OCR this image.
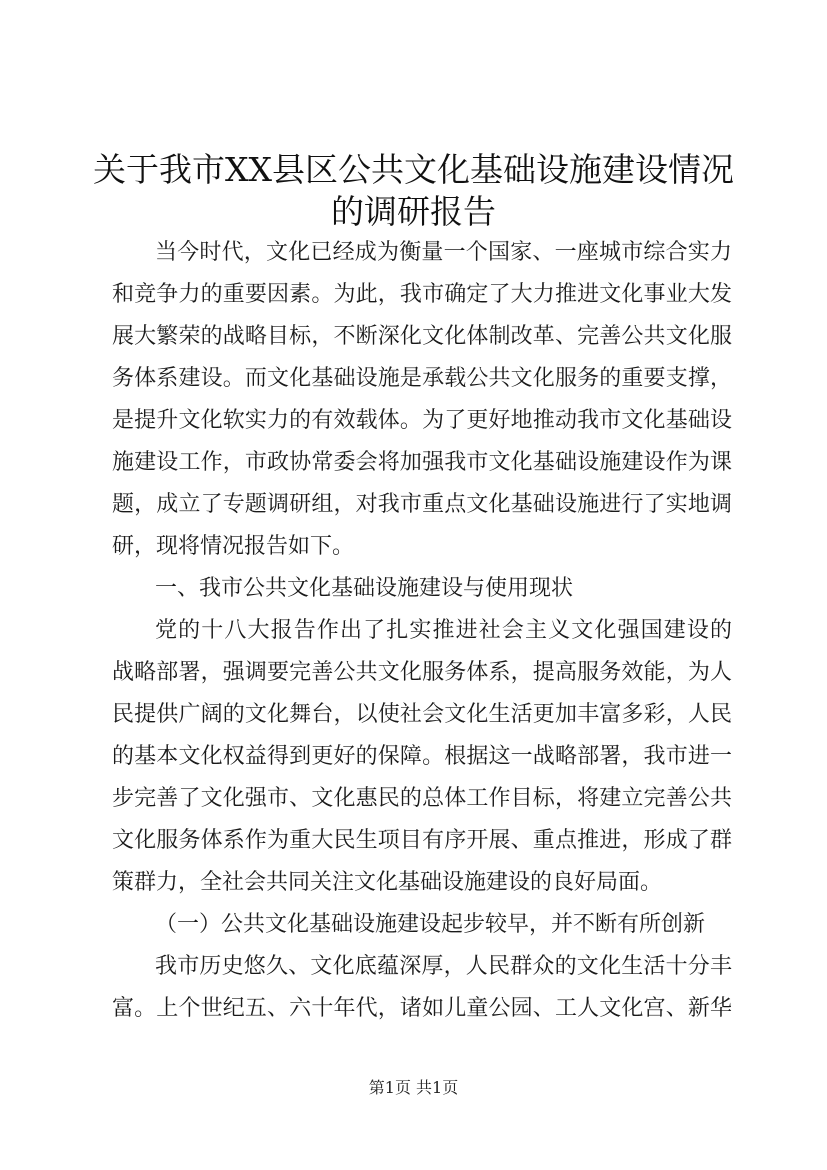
关于我市XX县区公共文化基础设施建设情况
的调研报告
当今时代，文化已经成为衡量一个国家、一座城市综合实力
和竞争力的重要因素。为此，我市确定了大力推进文化事业大发
展大繁荣的战略目标，不断深化文化体制改革、完善公共文化服
务体系建设。而文化基础设施是承载公共文化服务的重要支撑，
是提升文化软实力的有效载体。为了更好地推动我市文化基础设
施建设工作，市政协常委会将加强我市文化基础设施建设作为课
题，成立了专题调研组，对我市重点文化基础设施进行了实地调
研，现将情况报告如下。
一、我市公共文化基础设施建设与使用现状
党的十八大报告作出了扎实推进社会主义文化强国建设的
战略部署，强调要完善公共文化服务体系，提高服务效能，为人
民提供广阔的文化舞台，以使社会文化生活更加丰富多彩，人民
的基本文化权益得到更好的保障。根据这一战略部署，我市进一
步完善了文化强市、文化惠民的总体工作目标，将建立完善公共
文化服务体系作为重大民生项目有序开展、重点推进，形成了群
策群力，全社会共同关注文化基础设施建设的良好局面。
（一）公共文化基础设施建设起步较早，并不断有所创新
我市历史悠久、文化底蕴深厚，人民群众的文化生活十分丰
富。上个世纪五、六十年代，诸如儿童公园、工人文化宫、新华
第1页 共1页
